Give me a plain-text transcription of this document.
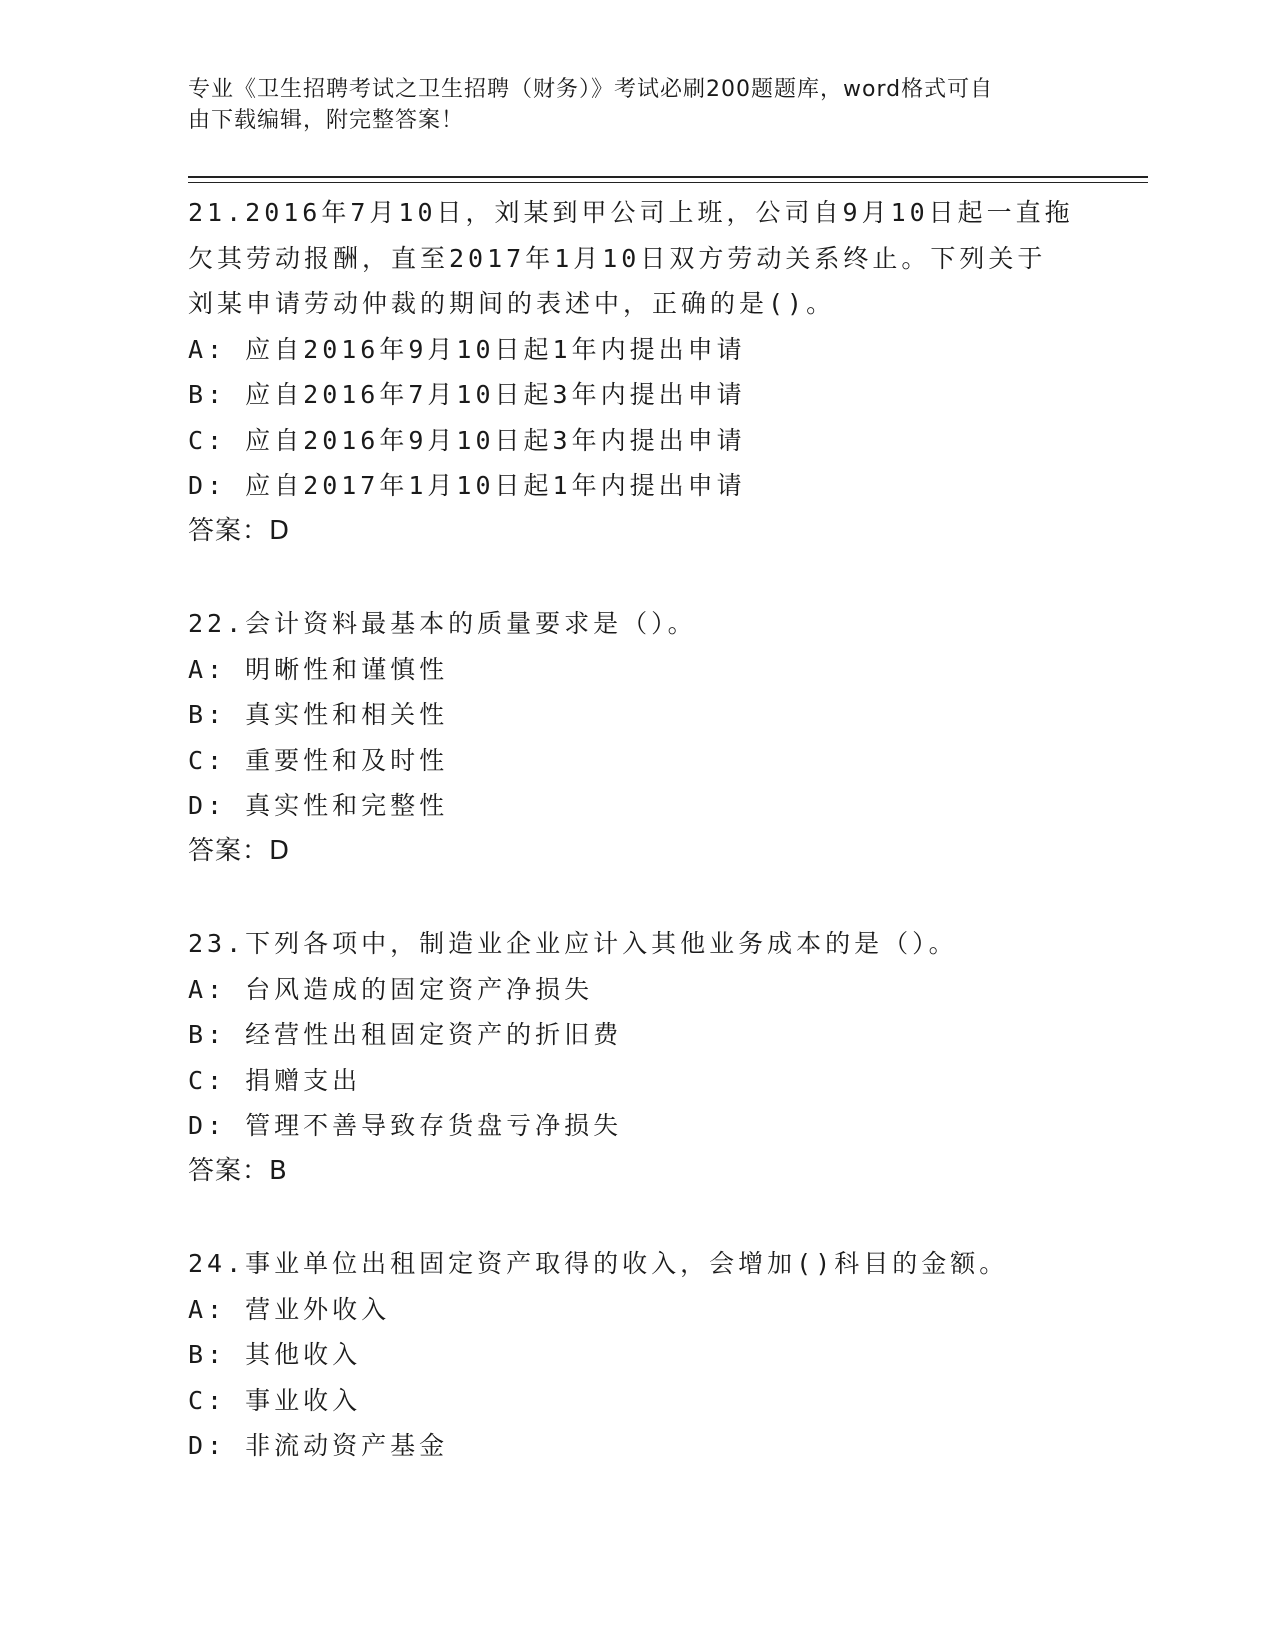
专业《卫生招聘考试之卫生招聘（财务）》考试必刷200题题库，word格式可自
由下载编辑，附完整答案！
21.2016年7月10日，刘某到甲公司上班，公司自9月10日起一直拖
欠其劳动报酬，直至2017年1月10日双方劳动关系终止。下列关于
刘某申请劳动仲裁的期间的表述中，正确的是()。
A: 应自2016年9月10日起1年内提出申请
B: 应自2016年7月10日起3年内提出申请
C: 应自2016年9月10日起3年内提出申请
D: 应自2017年1月10日起1年内提出申请
答案：D
22.会计资料最基本的质量要求是（）。
A: 明晰性和谨慎性
B: 真实性和相关性
C: 重要性和及时性
D: 真实性和完整性
答案：D
23.下列各项中，制造业企业应计入其他业务成本的是（）。
A: 台风造成的固定资产净损失
B: 经营性出租固定资产的折旧费
C: 捐赠支出
D: 管理不善导致存货盘亏净损失
答案：B
24.事业单位出租固定资产取得的收入，会增加()科目的金额。
A: 营业外收入
B: 其他收入
C: 事业收入
D: 非流动资产基金
